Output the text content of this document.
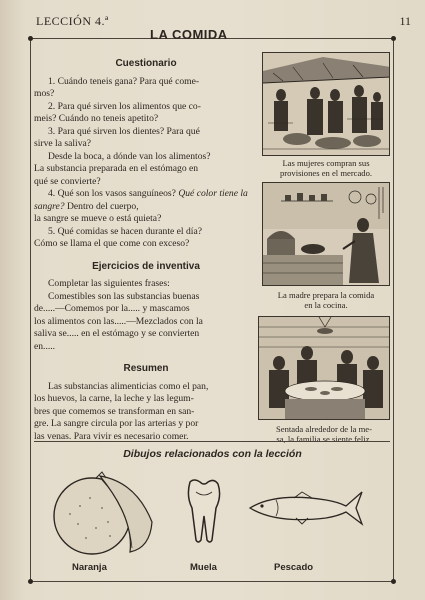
LECCIÓN 4.ª	11
LA COMIDA
Cuestionario
1. Cuándo teneis gana? Para qué come-
mos?
2. Para qué sirven los alimentos que co-
meis? Cuándo no teneis apetito?
3. Para qué sirven los dientes? Para qué
sirve la saliva?
Desde la boca, a dónde van los alimentos?
La substancia preparada en el estómago en
qué se convierte?
4. Qué son los vasos sanguíneos? Qué color tiene la sangre? Dentro del cuerpo,
la sangre se mueve o está quieta?
5. Qué comidas se hacen durante el día?
Cómo se llama el que come con exceso?
Ejercicios de inventiva
Completar las siguientes frases:
Comestibles son las substancias buenas
de.....—Comemos por la..... y mascamos
los alimentos con las.....—Mezclados con la
saliva se..... en el estómago y se convierten
en.....
Resumen
Las substancias alimenticias como el pan,
los huevos, la carne, la leche y las legum-
bres que comemos se transforman en san-
gre. La sangre circula por las arterias y por
las venas. Para vivir es necesario comer.
Las mujeres compran sus
provisiones en el mercado.
La madre prepara la comida
en la cocina.
Sentada alrededor de la me-
sa, la familia se siente feliz.
Dibujos relacionados con la lección
Naranja	Muela	Pescado
